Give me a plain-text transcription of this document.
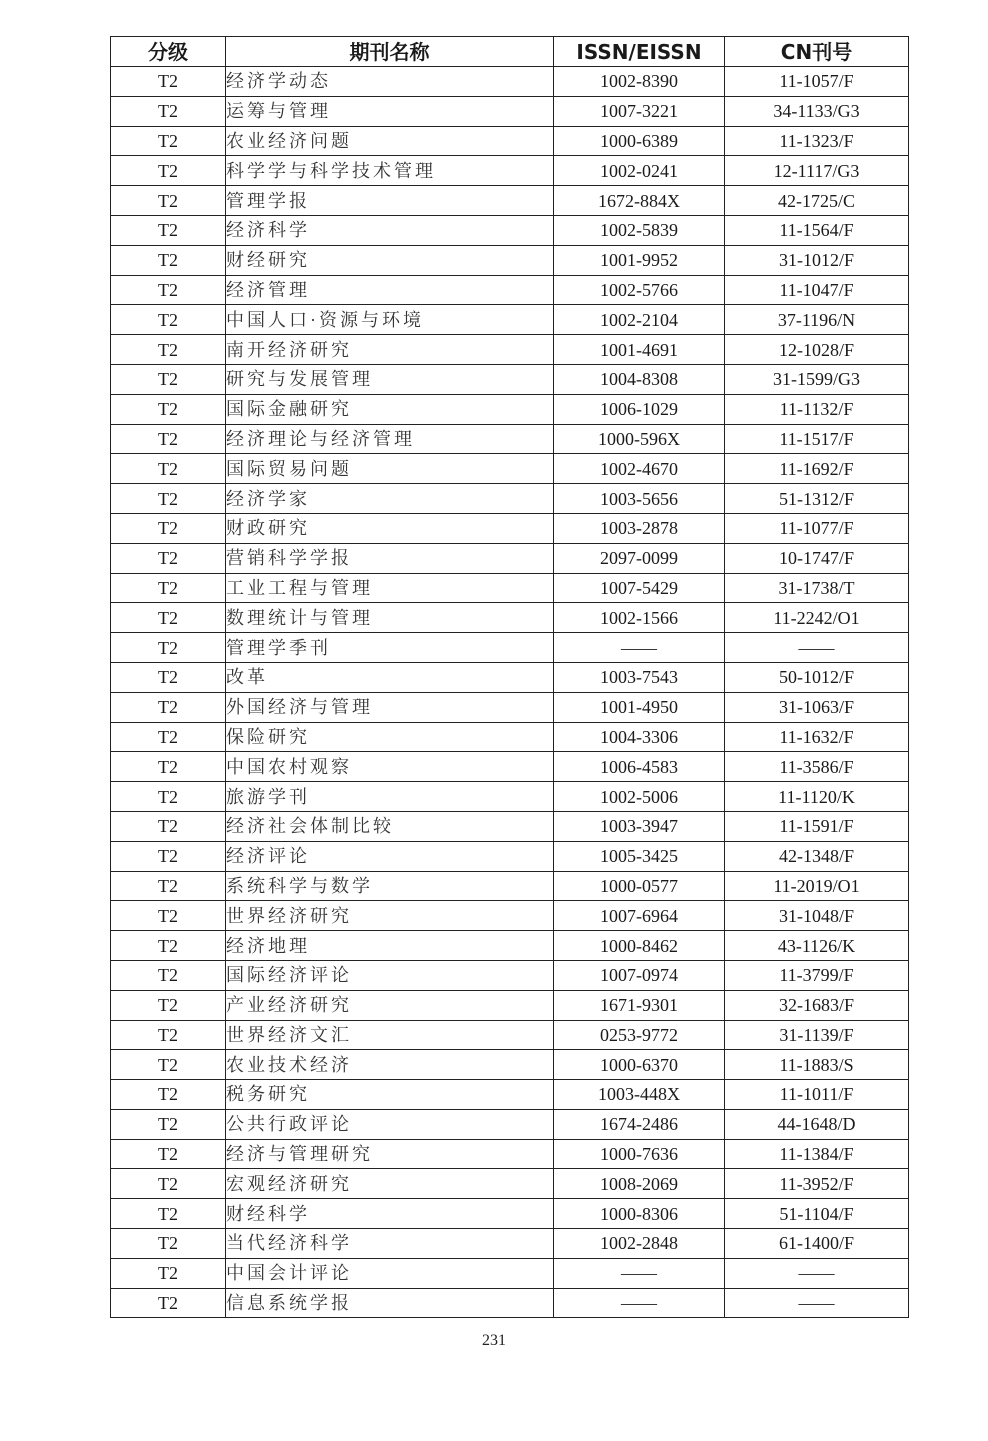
分级	期刊名称	ISSN/EISSN	CN刊号
T2	经济学动态	1002-8390	11-1057/F
T2	运筹与管理	1007-3221	34-1133/G3
T2	农业经济问题	1000-6389	11-1323/F
T2	科学学与科学技术管理	1002-0241	12-1117/G3
T2	管理学报	1672-884X	42-1725/C
T2	经济科学	1002-5839	11-1564/F
T2	财经研究	1001-9952	31-1012/F
T2	经济管理	1002-5766	11-1047/F
T2	中国人口·资源与环境	1002-2104	37-1196/N
T2	南开经济研究	1001-4691	12-1028/F
T2	研究与发展管理	1004-8308	31-1599/G3
T2	国际金融研究	1006-1029	11-1132/F
T2	经济理论与经济管理	1000-596X	11-1517/F
T2	国际贸易问题	1002-4670	11-1692/F
T2	经济学家	1003-5656	51-1312/F
T2	财政研究	1003-2878	11-1077/F
T2	营销科学学报	2097-0099	10-1747/F
T2	工业工程与管理	1007-5429	31-1738/T
T2	数理统计与管理	1002-1566	11-2242/O1
T2	管理学季刊	——	——
T2	改革	1003-7543	50-1012/F
T2	外国经济与管理	1001-4950	31-1063/F
T2	保险研究	1004-3306	11-1632/F
T2	中国农村观察	1006-4583	11-3586/F
T2	旅游学刊	1002-5006	11-1120/K
T2	经济社会体制比较	1003-3947	11-1591/F
T2	经济评论	1005-3425	42-1348/F
T2	系统科学与数学	1000-0577	11-2019/O1
T2	世界经济研究	1007-6964	31-1048/F
T2	经济地理	1000-8462	43-1126/K
T2	国际经济评论	1007-0974	11-3799/F
T2	产业经济研究	1671-9301	32-1683/F
T2	世界经济文汇	0253-9772	31-1139/F
T2	农业技术经济	1000-6370	11-1883/S
T2	税务研究	1003-448X	11-1011/F
T2	公共行政评论	1674-2486	44-1648/D
T2	经济与管理研究	1000-7636	11-1384/F
T2	宏观经济研究	1008-2069	11-3952/F
T2	财经科学	1000-8306	51-1104/F
T2	当代经济科学	1002-2848	61-1400/F
T2	中国会计评论	——	——
T2	信息系统学报	——	——
231
